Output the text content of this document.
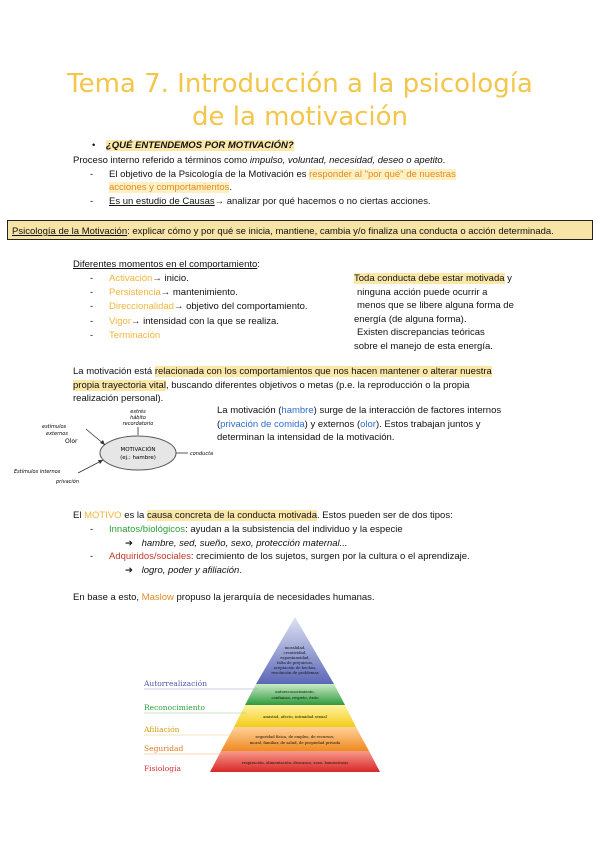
Tema 7. Introducción a la psicología
de la motivación
• ¿QUÉ ENTENDEMOS POR MOTIVACIÓN?
Proceso interno referido a términos como impulso, voluntad, necesidad, deseo o apetito.
- El objetivo de la Psicología de la Motivación es responder al "por qué" de nuestras
acciones y comportamientos.
- Es un estudio de Causas→ analizar por qué hacemos o no ciertas acciones.
Psicología de la Motivación: explicar cómo y por qué se inicia, mantiene, cambia y/o finaliza una conducta o acción determinada.
Diferentes momentos en el comportamiento:
- Activación→ inicio.
- Persistencia→ mantenimiento.
- Direccionalidad→ objetivo del comportamiento.
- Vigor→ intensidad con la que se realiza.
- Terminación
Toda conducta debe estar motivada y
ninguna acción puede ocurrir a
menos que se libere alguna forma de
energía (de alguna forma).
Existen discrepancias teóricas
sobre el manejo de esta energía.
La motivación está relacionada con los comportamientos que nos hacen mantener o alterar nuestra
propia trayectoria vital, buscando diferentes objetivos o metas (p.e. la reproducción o la propia
realización personal).
MOTIVACIÓN
(ej.: hambre)
estrés
hábito
recordatorio
estímulos
externos
Olor
Estímulos internos
privación
conducta
La motivación (hambre) surge de la interacción de factores internos
(privación de comida) y externos (olor). Estos trabajan juntos y
determinan la intensidad de la motivación.
El MOTIVO es la causa concreta de la conducta motivada. Estos pueden ser de dos tipos:
- Innatos/biológicos: ayudan a la subsistencia del individuo y la especie
➔ hambre, sed, sueño, sexo, protección maternal...
- Adquiridos/sociales: crecimiento de los sujetos, surgen por la cultura o el aprendizaje.
➔ logro, poder y afiliación.
En base a esto, Maslow propuso la jerarquía de necesidades humanas.
moralidad,
creatividad,
espontaneidad,
falta de prejuicios,
aceptación de hechos,
resolución de problemas
autoreconocimiento,
confianza, respeto, éxito
amistad, afecto, intimidad sexual
seguridad física, de empleo, de recursos,
moral, familiar, de salud, de propiedad privada
respiración, alimentación, descanso, sexo, homeostasis
Autorrealización
Reconocimiento
Afiliación
Seguridad
Fisiología
